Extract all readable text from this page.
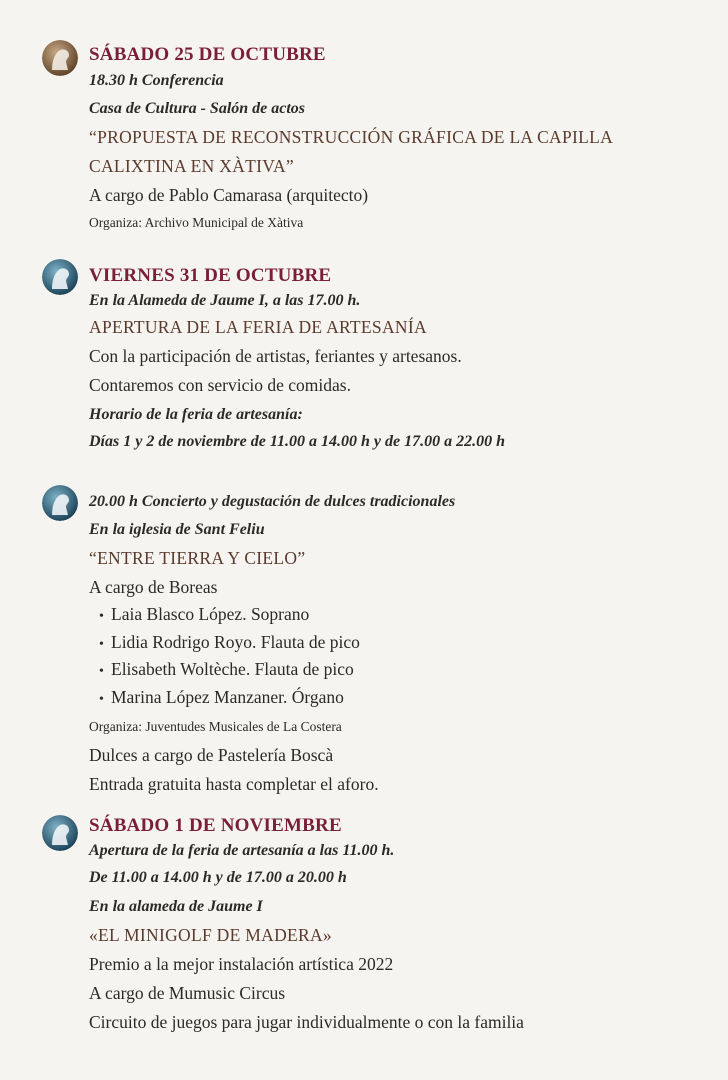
SÁBADO 25 DE OCTUBRE
18.30 h Conferencia
Casa de Cultura - Salón de actos
“PROPUESTA DE RECONSTRUCCIÓN GRÁFICA DE LA CAPILLA
CALIXTINA EN XÀTIVA”
A cargo de Pablo Camarasa (arquitecto)
Organiza: Archivo Municipal de Xàtiva
VIERNES 31 DE OCTUBRE
En la Alameda de Jaume I, a las 17.00 h.
APERTURA DE LA FERIA DE ARTESANÍA
Con la participación de artistas, feriantes y artesanos.
Contaremos con servicio de comidas.
Horario de la feria de artesanía:
Días 1 y 2 de noviembre de 11.00 a 14.00 h y de 17.00 a 22.00 h
20.00 h Concierto y degustación de dulces tradicionales
En la iglesia de Sant Feliu
“ENTRE TIERRA Y CIELO”
A cargo de Boreas
• Laia Blasco López. Soprano
• Lidia Rodrigo Royo. Flauta de pico
• Elisabeth Woltèche. Flauta de pico
• Marina López Manzaner. Órgano
Organiza: Juventudes Musicales de La Costera
Dulces a cargo de Pastelería Boscà
Entrada gratuita hasta completar el aforo.
SÁBADO 1 DE NOVIEMBRE
Apertura de la feria de artesanía a las 11.00 h.
De 11.00 a 14.00 h y de 17.00 a 20.00 h
En la alameda de Jaume I
«EL MINIGOLF DE MADERA»
Premio a la mejor instalación artística 2022
A cargo de Mumusic Circus
Circuito de juegos para jugar individualmente o con la familia
